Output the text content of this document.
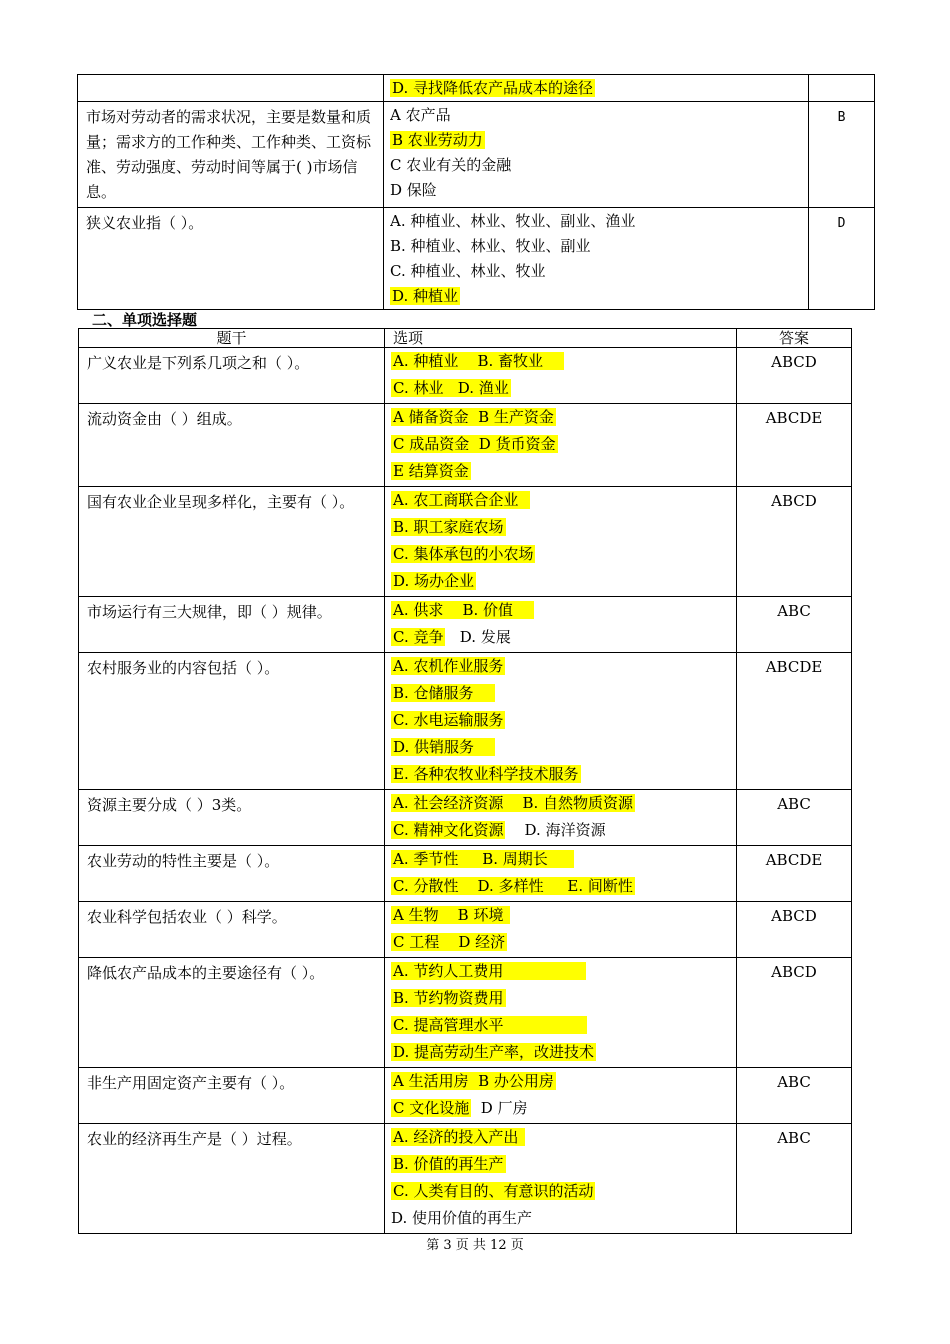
	D. 寻找降低农产品成本的途径	

市场对劳动者的需求状况，主要是数量和质量；需求方的工作种类、工作种类、工资标准、劳动强度、劳动时间等属于( )市场信息。	A 农产品
B 农业劳动力
C 农业有关的金融
D 保险	B
狭义农业指（ ）。	A. 种植业、林业、牧业、副业、渔业
B. 种植业、林业、牧业、副业
C. 种植业、林业、牧业
D. 种植业	D
二、单项选择题
题干	选项	答案
广义农业是下列系几项之和（ ）。	A. 种植业    B. 畜牧业
C. 林业   D. 渔业	ABCD
流动资金由（ ）组成。	A 储备资金  B 生产资金
C 成品资金  D 货币资金
E 结算资金	ABCDE
国有农业企业呈现多样化，主要有（ ）。	A. 农工商联合企业
B. 职工家庭农场
C. 集体承包的小农场
D. 场办企业	ABCD
市场运行有三大规律，即（ ）规律。	A. 供求    B. 价值
C. 竞争   D. 发展	ABC
农村服务业的内容包括（ ）。	A. 农机作业服务
B. 仓储服务
C. 水电运输服务
D. 供销服务
E. 各种农牧业科学技术服务	ABCDE
资源主要分成（ ）3类。	A. 社会经济资源    B. 自然物质资源
C. 精神文化资源    D. 海洋资源	ABC
农业劳动的特性主要是（ ）。	A. 季节性     B. 周期长
C. 分散性    D. 多样性     E. 间断性	ABCDE
农业科学包括农业（ ）科学。	A 生物    B 环境
C 工程    D 经济	ABCD
降低农产品成本的主要途径有（ ）。	A. 节约人工费用
B. 节约物资费用
C. 提高管理水平
D. 提高劳动生产率，改进技术	ABCD
非生产用固定资产主要有（ ）。	A 生活用房  B 办公用房
C 文化设施  D 厂房	ABC
农业的经济再生产是（ ）过程。	A. 经济的投入产出
B. 价值的再生产
C. 人类有目的、有意识的活动
D. 使用价值的再生产	ABC
第 3 页 共 12 页
